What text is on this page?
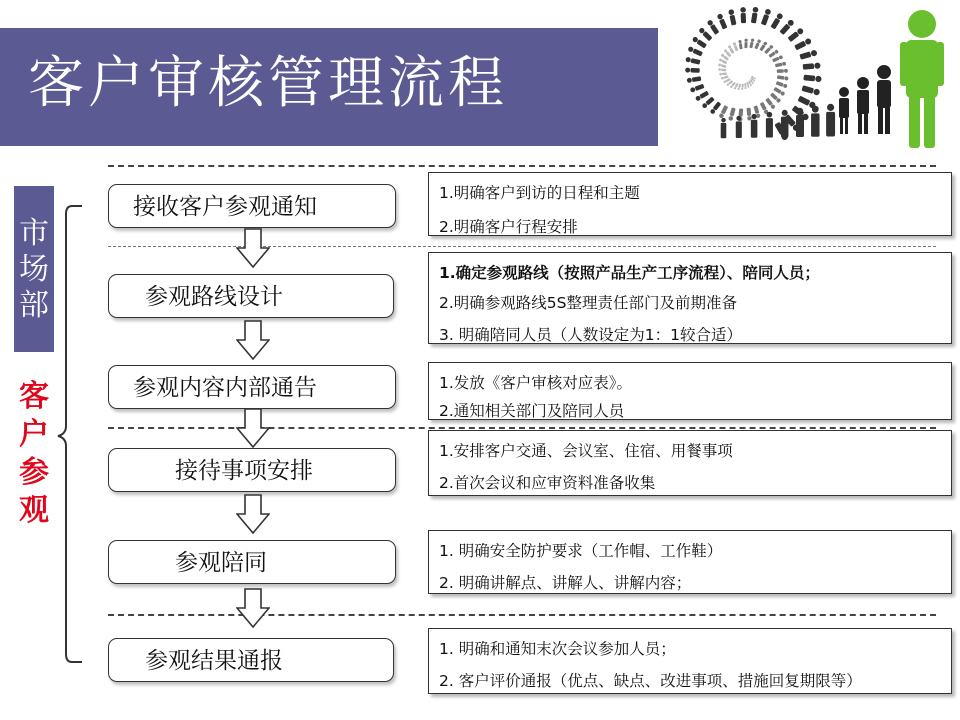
客户审核管理流程
市
场
部
客
户
参
观
接收客户参观通知
参观路线设计
参观内容内部通告
接待事项安排
参观陪同
参观结果通报
1.明确客户到访的日程和主题
2.明确客户行程安排
1.确定参观路线（按照产品生产工序流程）、陪同人员；
2.明确参观路线5S整理责任部门及前期准备
3. 明确陪同人员（人数设定为1：1较合适）
1.发放《客户审核对应表》。
2.通知相关部门及陪同人员
1.安排客户交通、会议室、住宿、用餐事项
2.首次会议和应审资料准备收集
1. 明确安全防护要求（工作帽、工作鞋）
2. 明确讲解点、讲解人、讲解内容；
1. 明确和通知末次会议参加人员；
2. 客户评价通报（优点、缺点、改进事项、措施回复期限等）
